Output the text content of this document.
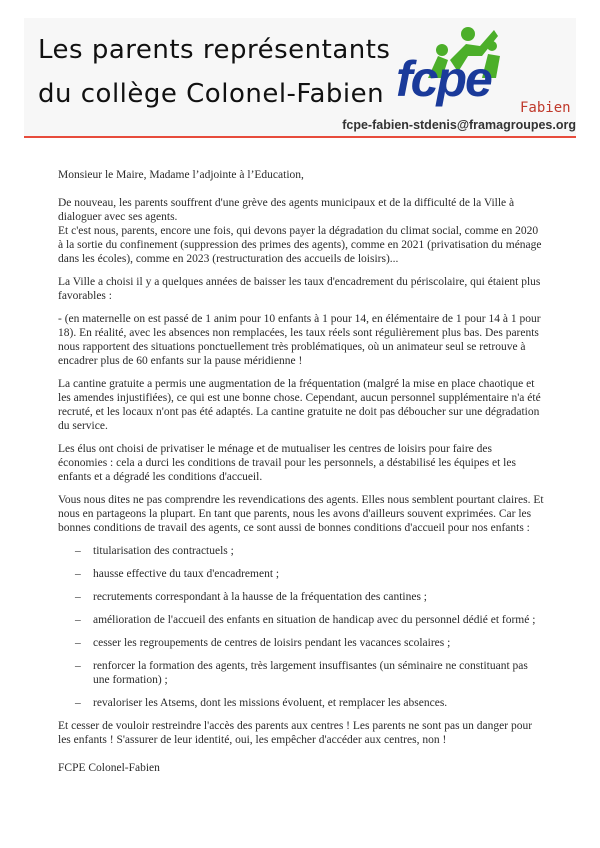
Les parents représentants
du collège Colonel-Fabien fcpe
Fabien
fcpe-fabien-stdenis@framagroupes.org

Monsieur le Maire, Madame l’adjointe à l’Education,

De nouveau, les parents souffrent d'une grève des agents municipaux et de la difficulté de la Ville à dialoguer avec ses agents.
Et c'est nous, parents, encore une fois, qui devons payer la dégradation du climat social, comme en 2020 à la sortie du confinement (suppression des primes des agents), comme en 2021 (privatisation du ménage dans les écoles), comme en 2023 (restructuration des accueils de loisirs)...

La Ville a choisi il y a quelques années de baisser les taux d'encadrement du périscolaire, qui étaient plus favorables :

- (en maternelle on est passé de 1 anim pour 10 enfants à 1 pour 14, en élémentaire de 1 pour 14 à 1 pour 18). En réalité, avec les absences non remplacées, les taux réels sont régulièrement plus bas. Des parents nous rapportent des situations ponctuellement très problématiques, où un animateur seul se retrouve à encadrer plus de 60 enfants sur la pause méridienne !

La cantine gratuite a permis une augmentation de la fréquentation (malgré la mise en place chaotique et les amendes injustifiées), ce qui est une bonne chose. Cependant, aucun personnel supplémentaire n'a été recruté, et les locaux n'ont pas été adaptés. La cantine gratuite ne doit pas déboucher sur une dégradation du service.

Les élus ont choisi de privatiser le ménage et de mutualiser les centres de loisirs pour faire des économies : cela a durci les conditions de travail pour les personnels, a déstabilisé les équipes et les enfants et a dégradé les conditions d'accueil.

Vous nous dites ne pas comprendre les revendications des agents. Elles nous semblent pourtant claires. Et nous en partageons la plupart. En tant que parents, nous les avons d'ailleurs souvent exprimées. Car les bonnes conditions de travail des agents, ce sont aussi de bonnes conditions d'accueil pour nos enfants :

– titularisation des contractuels ;
– hausse effective du taux d'encadrement ;
– recrutements correspondant à la hausse de la fréquentation des cantines ;
– amélioration de l'accueil des enfants en situation de handicap avec du personnel dédié et formé ;
– cesser les regroupements de centres de loisirs pendant les vacances scolaires ;
– renforcer la formation des agents, très largement insuffisantes (un séminaire ne constituant pas une formation) ;
– revaloriser les Atsems, dont les missions évoluent, et remplacer les absences.

Et cesser de vouloir restreindre l'accès des parents aux centres ! Les parents ne sont pas un danger pour les enfants ! S'assurer de leur identité, oui, les empêcher d'accéder aux centres, non !

FCPE Colonel-Fabien
